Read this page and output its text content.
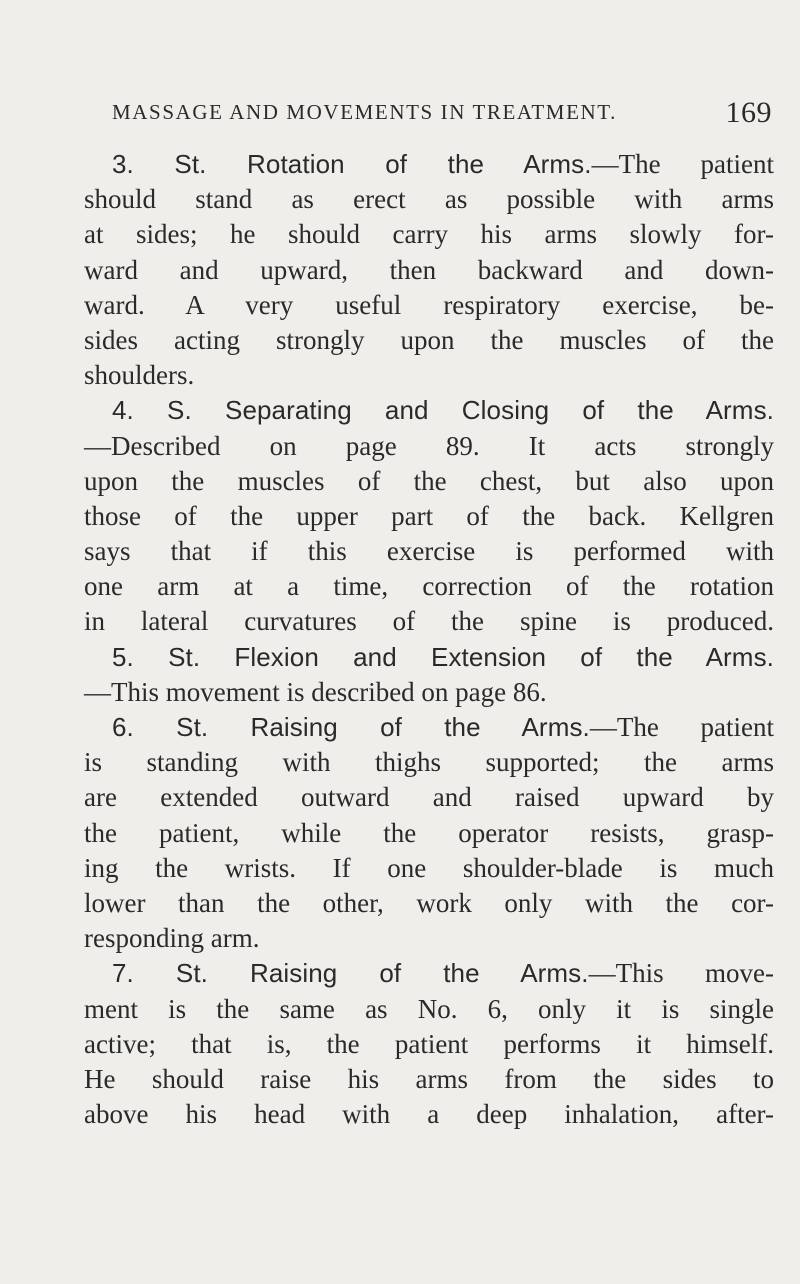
MASSAGE AND MOVEMENTS IN TREATMENT.	169
3. St. Rotation of the Arms.—The patient
should stand as erect as possible with arms
at sides; he should carry his arms slowly for-
ward and upward, then backward and down-
ward. A very useful respiratory exercise, be-
sides acting strongly upon the muscles of the
shoulders.
4. S. Separating and Closing of the Arms.
—Described on page 89. It acts strongly
upon the muscles of the chest, but also upon
those of the upper part of the back. Kellgren
says that if this exercise is performed with
one arm at a time, correction of the rotation
in lateral curvatures of the spine is produced.
5. St. Flexion and Extension of the Arms.
—This movement is described on page 86.
6. St. Raising of the Arms.—The patient
is standing with thighs supported; the arms
are extended outward and raised upward by
the patient, while the operator resists, grasp-
ing the wrists. If one shoulder-blade is much
lower than the other, work only with the cor-
responding arm.
7. St. Raising of the Arms.—This move-
ment is the same as No. 6, only it is single
active; that is, the patient performs it himself.
He should raise his arms from the sides to
above his head with a deep inhalation, after-
